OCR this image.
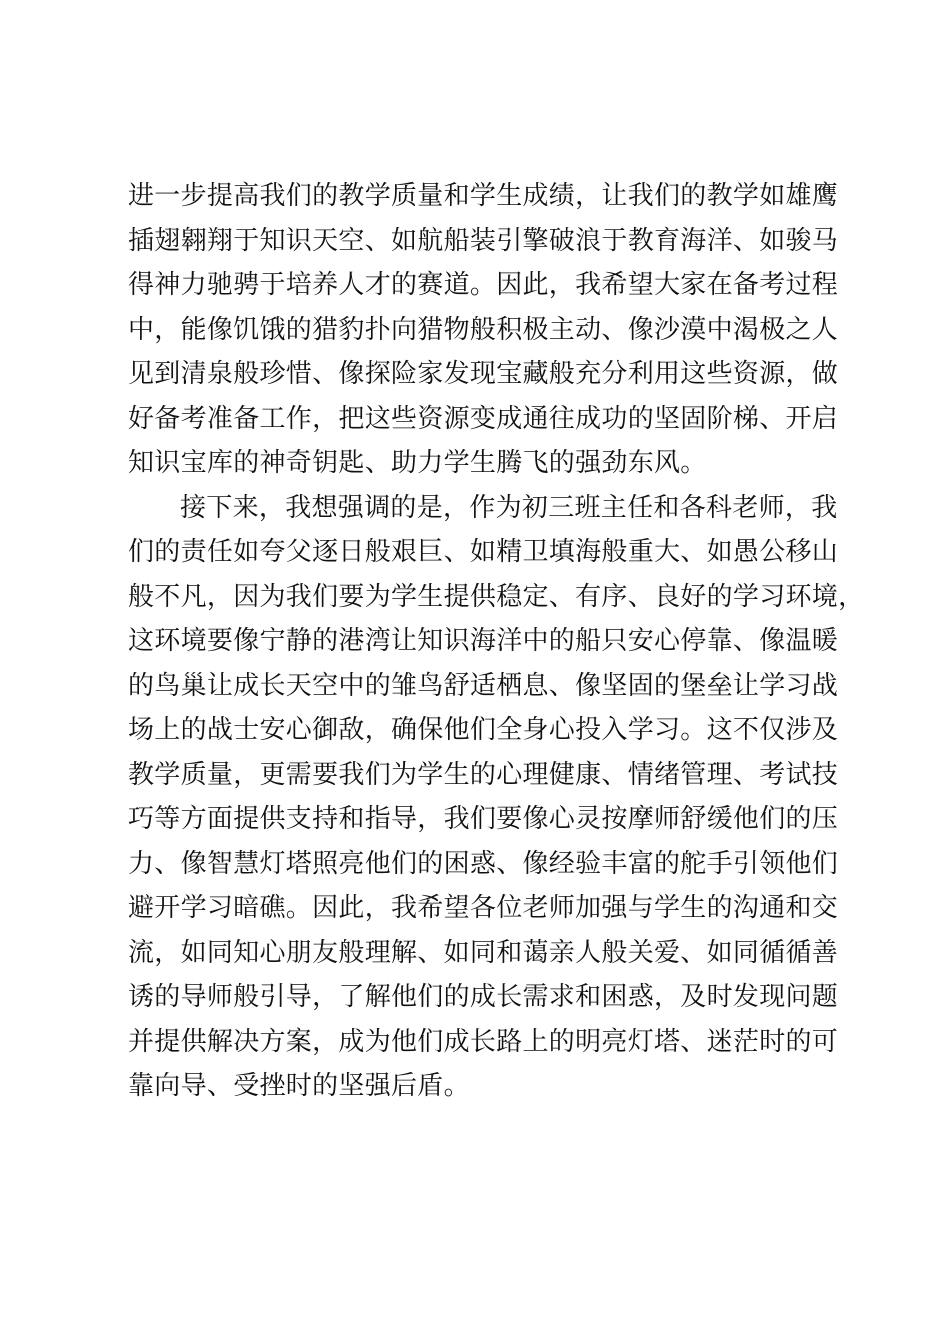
进一步提高我们的教学质量和学生成绩，让我们的教学如雄鹰
插翅翱翔于知识天空、如航船装引擎破浪于教育海洋、如骏马
得神力驰骋于培养人才的赛道。因此，我希望大家在备考过程
中，能像饥饿的猎豹扑向猎物般积极主动、像沙漠中渴极之人
见到清泉般珍惜、像探险家发现宝藏般充分利用这些资源，做
好备考准备工作，把这些资源变成通往成功的坚固阶梯、开启
知识宝库的神奇钥匙、助力学生腾飞的强劲东风。
接下来，我想强调的是，作为初三班主任和各科老师，我
们的责任如夸父逐日般艰巨、如精卫填海般重大、如愚公移山
般不凡，因为我们要为学生提供稳定、有序、良好的学习环境，
这环境要像宁静的港湾让知识海洋中的船只安心停靠、像温暖
的鸟巢让成长天空中的雏鸟舒适栖息、像坚固的堡垒让学习战
场上的战士安心御敌，确保他们全身心投入学习。这不仅涉及
教学质量，更需要我们为学生的心理健康、情绪管理、考试技
巧等方面提供支持和指导，我们要像心灵按摩师舒缓他们的压
力、像智慧灯塔照亮他们的困惑、像经验丰富的舵手引领他们
避开学习暗礁。因此，我希望各位老师加强与学生的沟通和交
流，如同知心朋友般理解、如同和蔼亲人般关爱、如同循循善
诱的导师般引导，了解他们的成长需求和困惑，及时发现问题
并提供解决方案，成为他们成长路上的明亮灯塔、迷茫时的可
靠向导、受挫时的坚强后盾。
